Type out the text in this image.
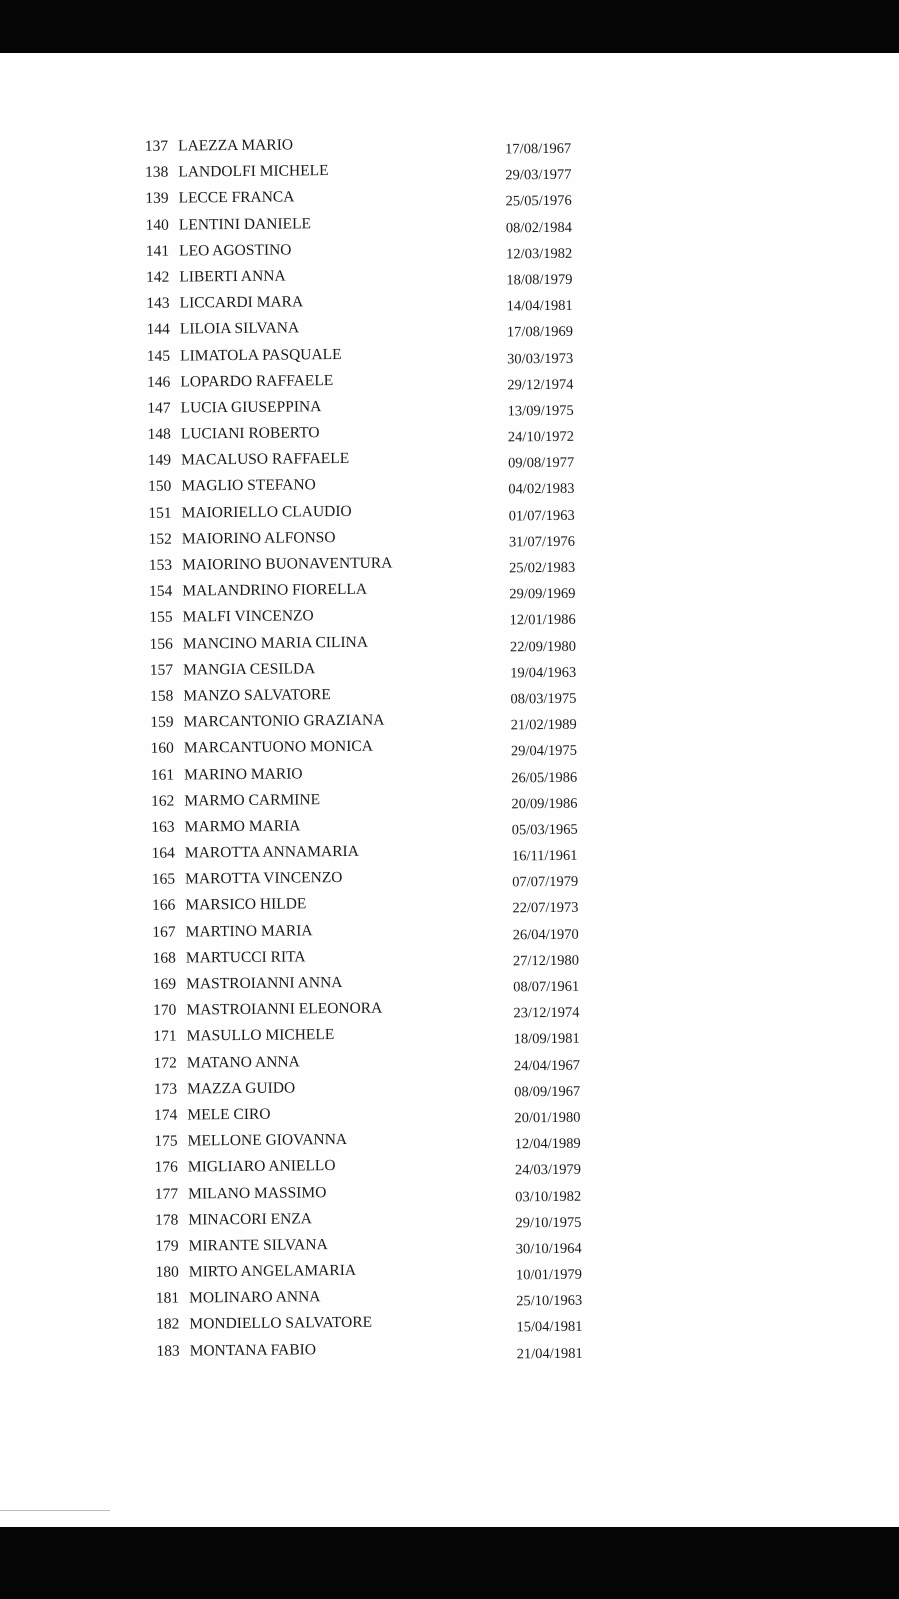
137 LAEZZA MARIO	17/08/1967
138 LANDOLFI MICHELE	29/03/1977
139 LECCE FRANCA	25/05/1976
140 LENTINI DANIELE	08/02/1984
141 LEO AGOSTINO	12/03/1982
142 LIBERTI ANNA	18/08/1979
143 LICCARDI MARA	14/04/1981
144 LILOIA SILVANA	17/08/1969
145 LIMATOLA PASQUALE	30/03/1973
146 LOPARDO RAFFAELE	29/12/1974
147 LUCIA GIUSEPPINA	13/09/1975
148 LUCIANI ROBERTO	24/10/1972
149 MACALUSO RAFFAELE	09/08/1977
150 MAGLIO STEFANO	04/02/1983
151 MAIORIELLO CLAUDIO	01/07/1963
152 MAIORINO ALFONSO	31/07/1976
153 MAIORINO BUONAVENTURA	25/02/1983
154 MALANDRINO FIORELLA	29/09/1969
155 MALFI VINCENZO	12/01/1986
156 MANCINO MARIA CILINA	22/09/1980
157 MANGIA CESILDA	19/04/1963
158 MANZO SALVATORE	08/03/1975
159 MARCANTONIO GRAZIANA	21/02/1989
160 MARCANTUONO MONICA	29/04/1975
161 MARINO MARIO	26/05/1986
162 MARMO CARMINE	20/09/1986
163 MARMO MARIA	05/03/1965
164 MAROTTA ANNAMARIA	16/11/1961
165 MAROTTA VINCENZO	07/07/1979
166 MARSICO HILDE	22/07/1973
167 MARTINO MARIA	26/04/1970
168 MARTUCCI RITA	27/12/1980
169 MASTROIANNI ANNA	08/07/1961
170 MASTROIANNI ELEONORA	23/12/1974
171 MASULLO MICHELE	18/09/1981
172 MATANO ANNA	24/04/1967
173 MAZZA GUIDO	08/09/1967
174 MELE CIRO	20/01/1980
175 MELLONE GIOVANNA	12/04/1989
176 MIGLIARO ANIELLO	24/03/1979
177 MILANO MASSIMO	03/10/1982
178 MINACORI ENZA	29/10/1975
179 MIRANTE SILVANA	30/10/1964
180 MIRTO ANGELAMARIA	10/01/1979
181 MOLINARO ANNA	25/10/1963
182 MONDIELLO SALVATORE	15/04/1981
183 MONTANA FABIO	21/04/1981
